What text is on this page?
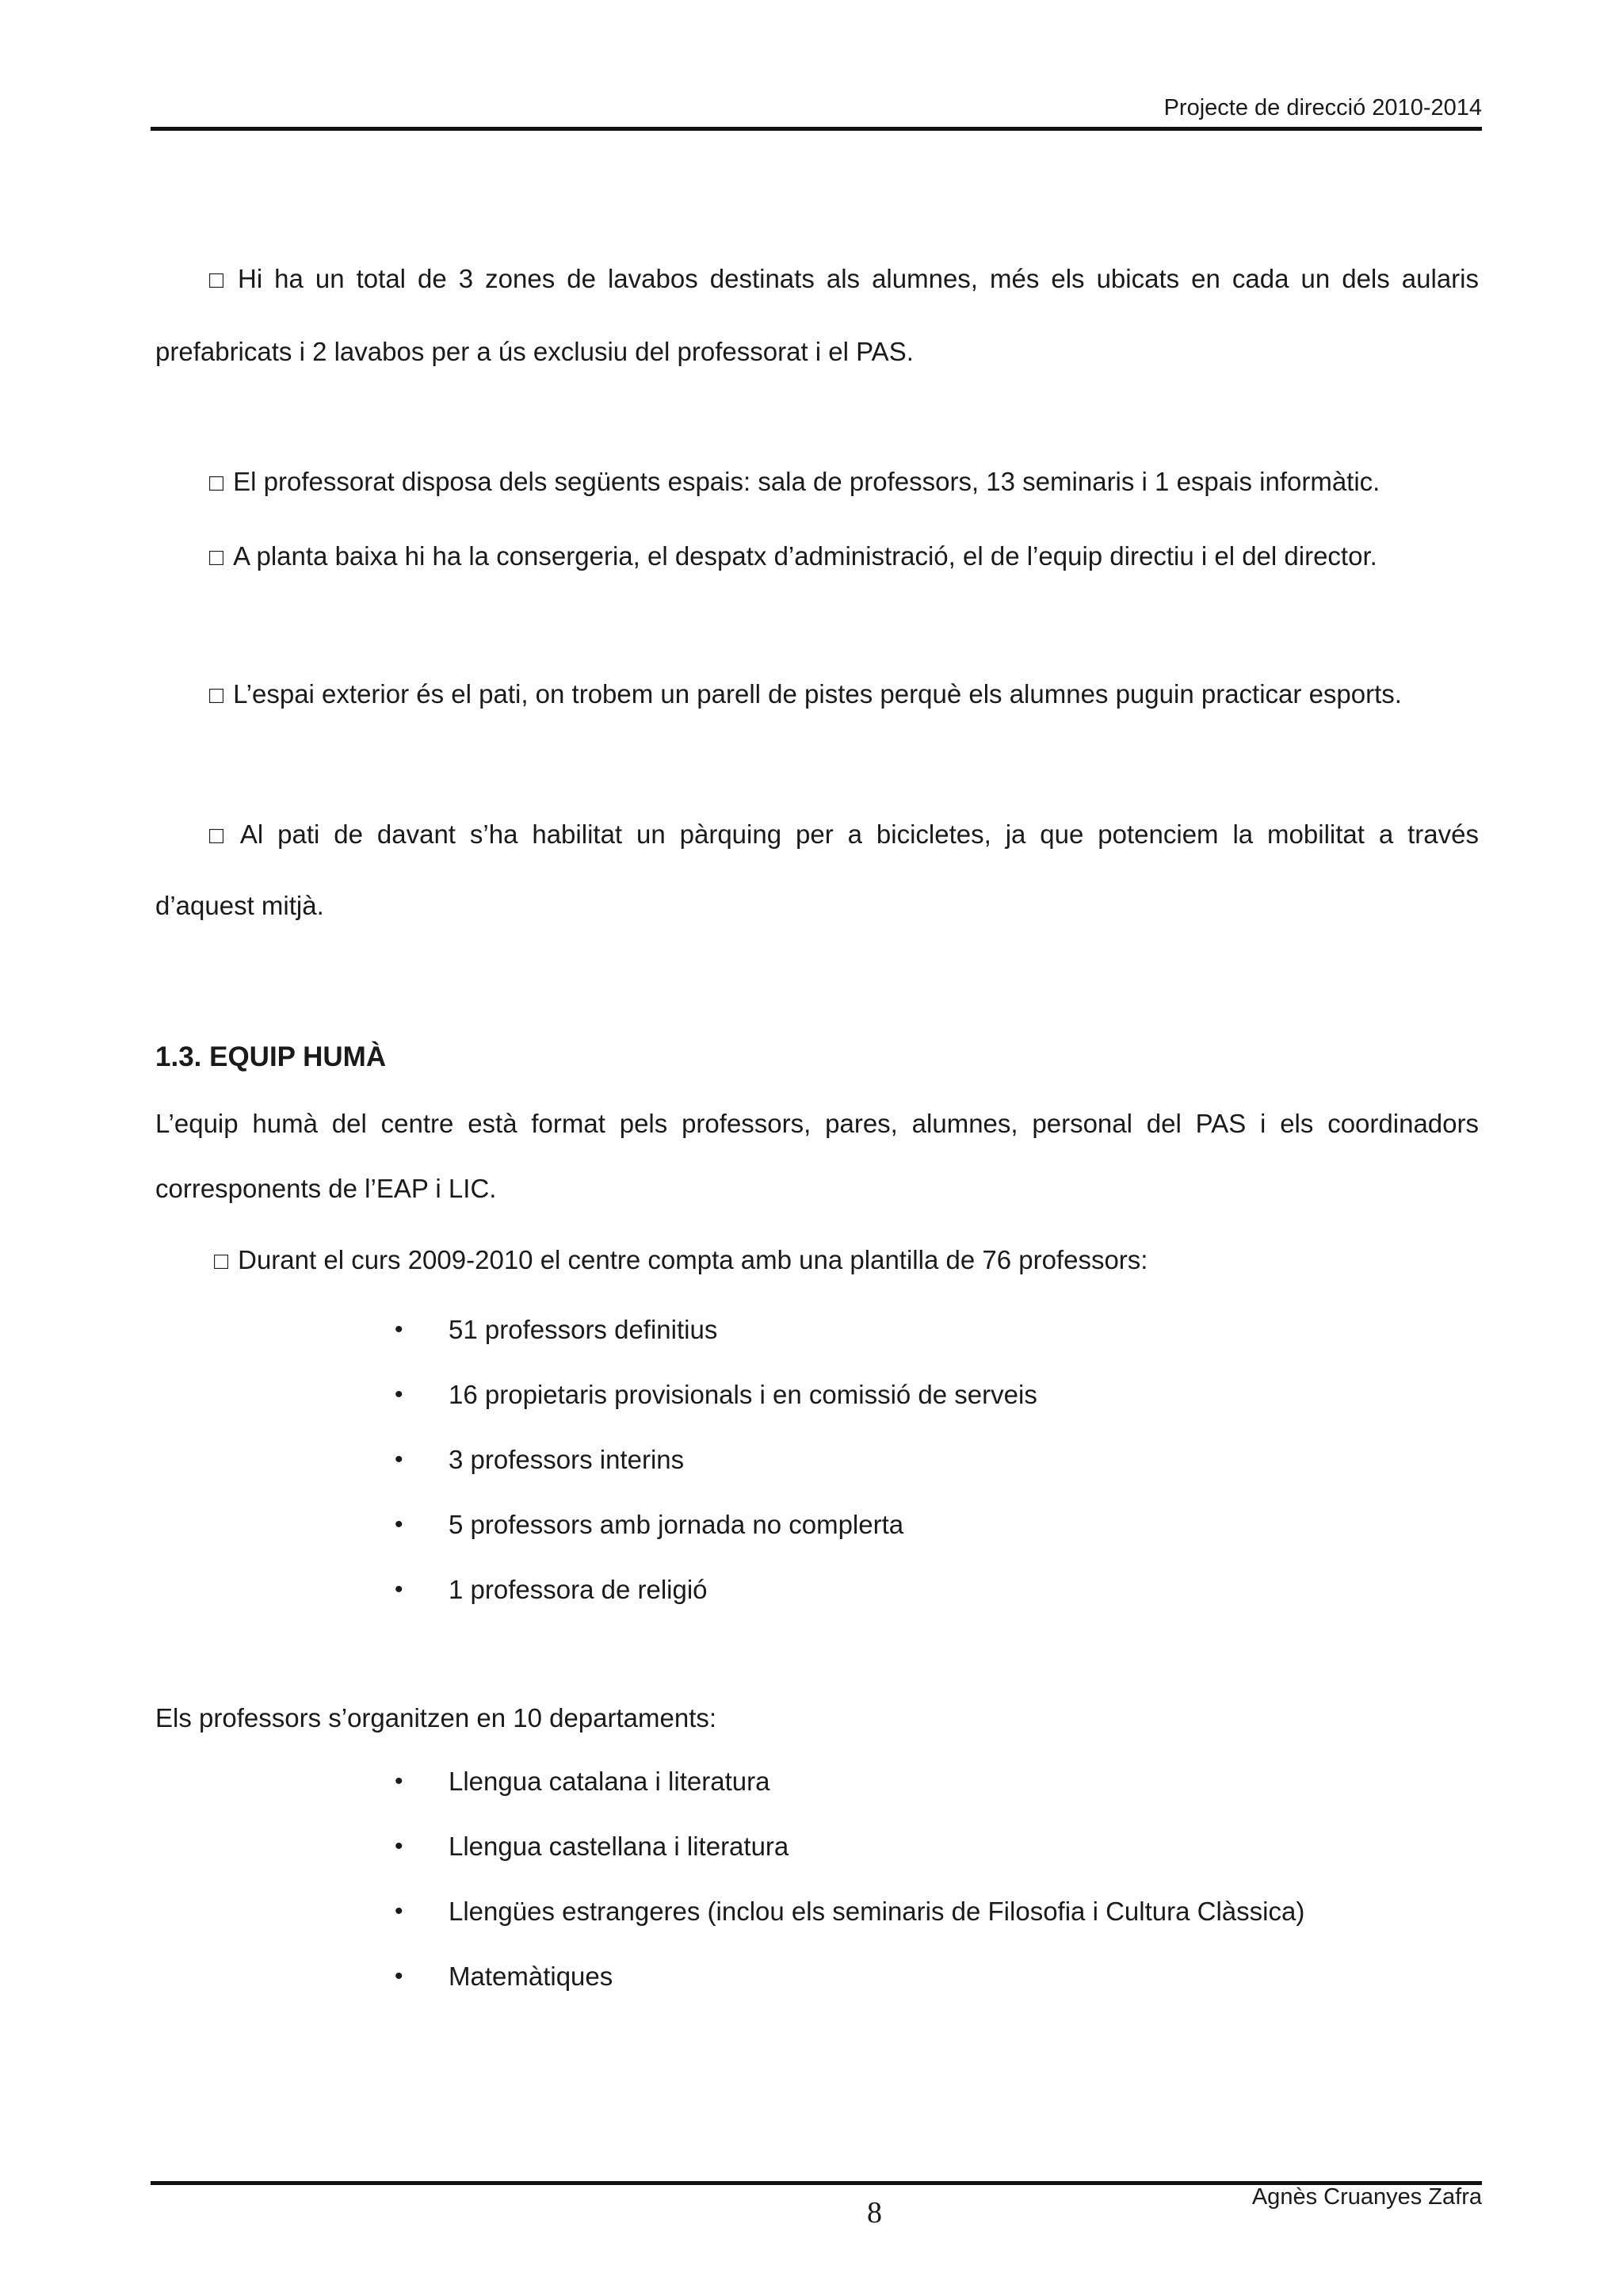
Projecte de direcció 2010-2014
□ Hi ha un total de 3 zones de lavabos destinats als alumnes, més els ubicats en cada un dels aularis
prefabricats i 2 lavabos per a ús exclusiu del professorat i el PAS.
□ El professorat disposa dels següents espais: sala de professors, 13 seminaris i 1 espais informàtic.
□ A planta baixa hi ha la consergeria, el despatx d’administració, el de l’equip directiu i el del director.
□ L’espai exterior és el pati, on trobem un parell de pistes perquè els alumnes puguin practicar esports.
□ Al pati de davant s’ha habilitat un pàrquing per a bicicletes, ja que potenciem la mobilitat a través
d’aquest mitjà.
1.3. EQUIP HUMÀ
L’equip humà del centre està format pels professors, pares, alumnes, personal del PAS i els coordinadors
corresponents de l’EAP i LIC.
□ Durant el curs 2009-2010 el centre compta amb una plantilla de 76 professors:
• 51 professors definitius
• 16 propietaris provisionals i en comissió de serveis
• 3 professors interins
• 5 professors amb jornada no complerta
• 1 professora de religió
Els professors s’organitzen en 10 departaments:
• Llengua catalana i literatura
• Llengua castellana i literatura
• Llengües estrangeres (inclou els seminaris de Filosofia i Cultura Clàssica)
• Matemàtiques
8	Agnès Cruanyes Zafra
